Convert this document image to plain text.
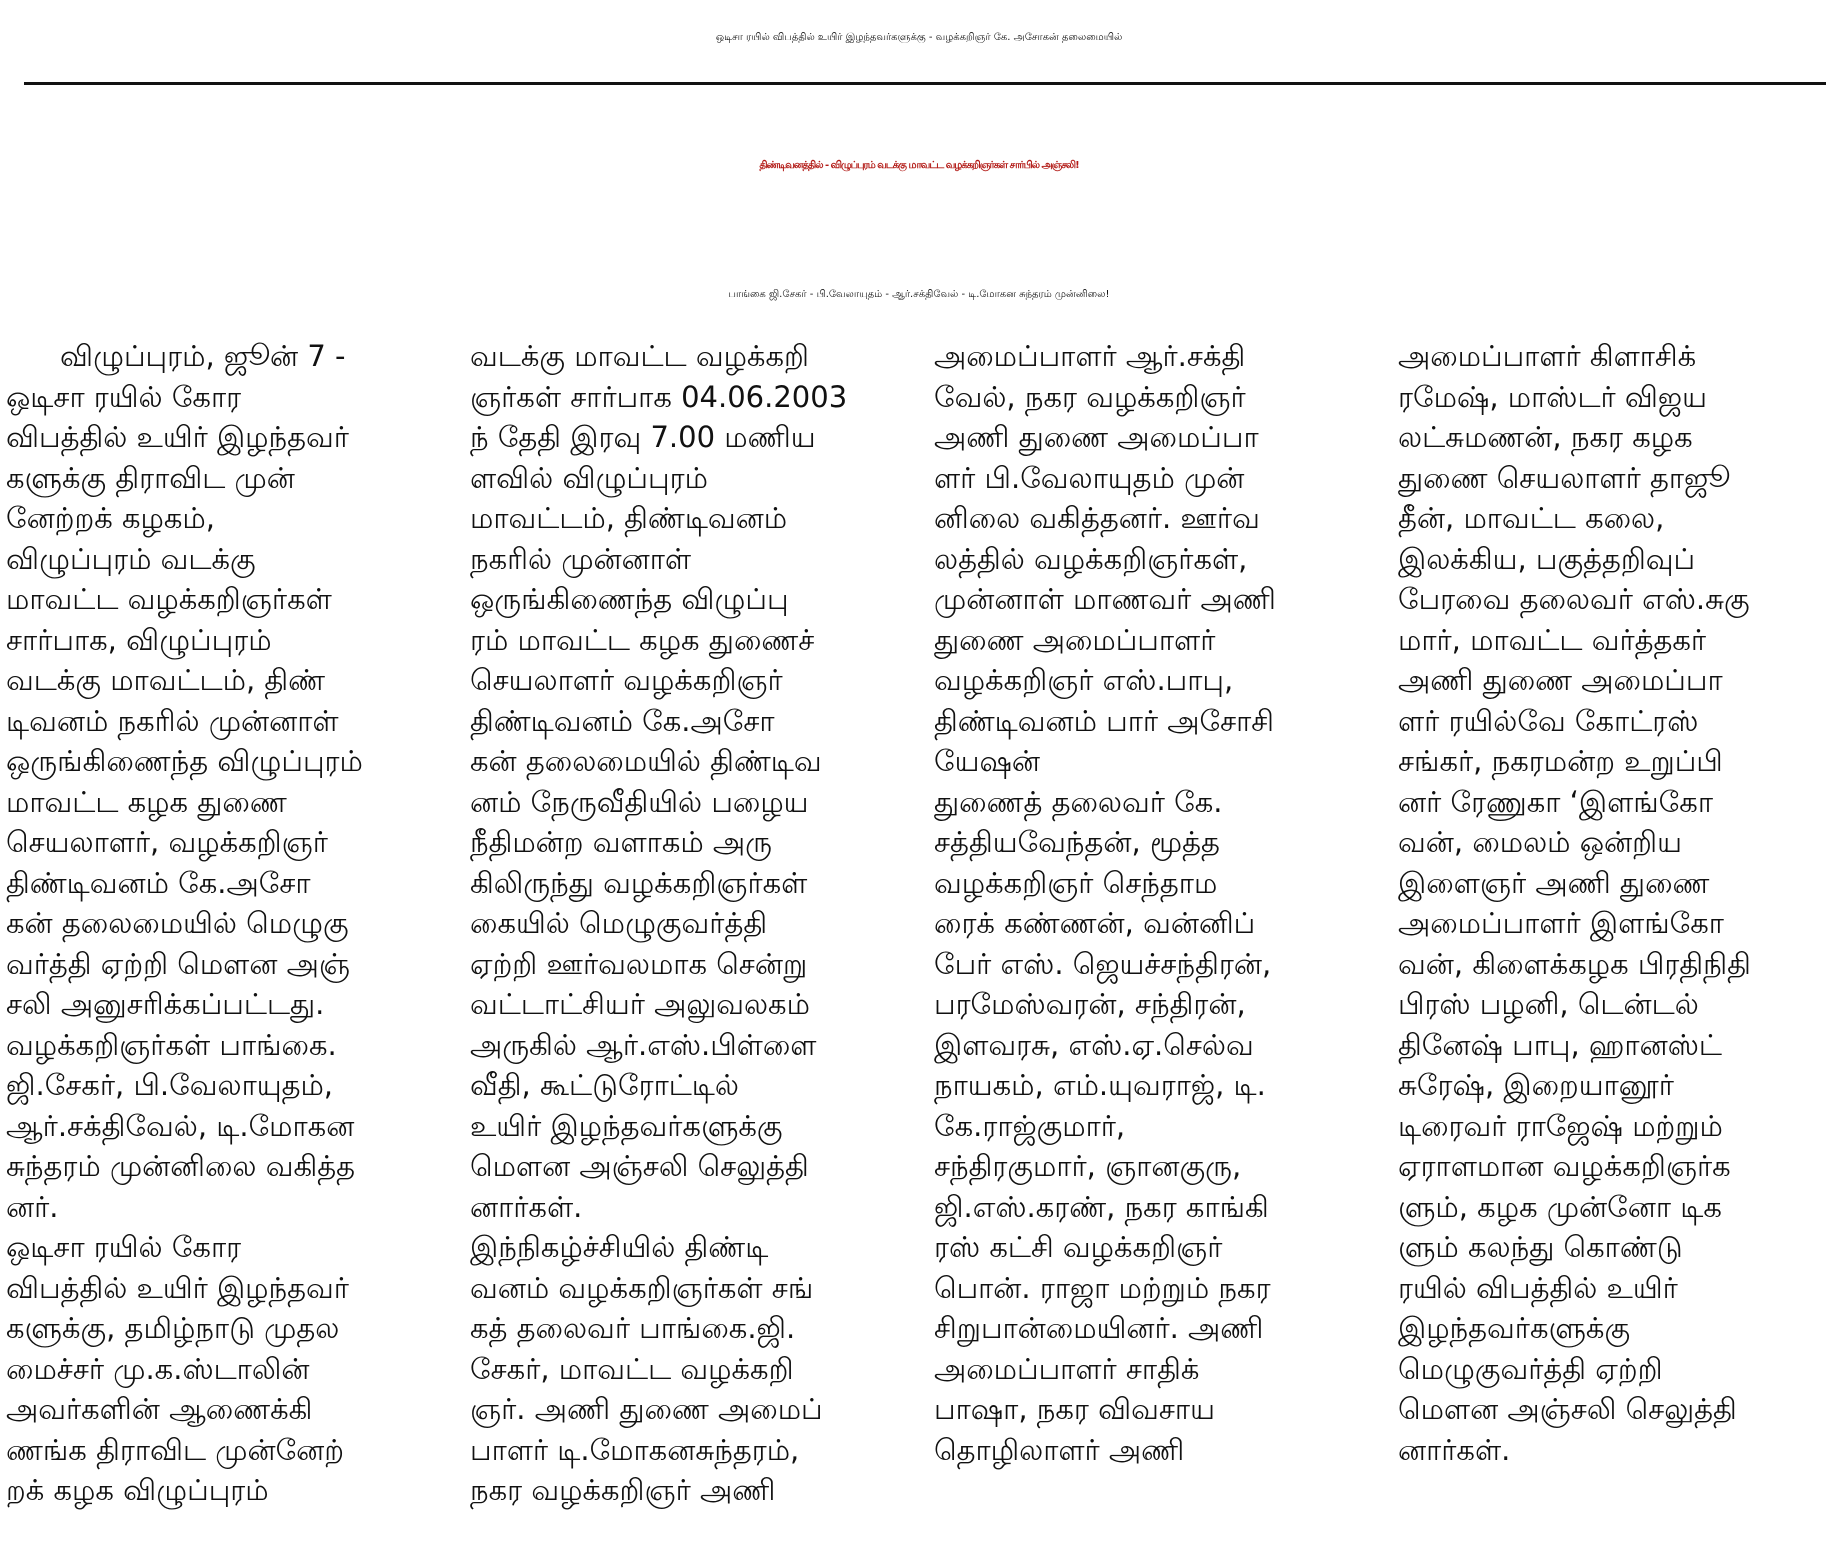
ஒடிசா ரயில் விபத்தில் உயிர் இழந்தவர்களுக்கு - வழக்கறிஞர் கே. அசோகன் தலைமையில்
திண்டிவனத்தில் - விழுப்புரம் வடக்கு மாவட்ட வழக்கறிஞர்கள் சார்பில் அஞ்சலி!
பாங்கை ஜி.சேகர் - பி.வேலாயுதம் - ஆர்.சக்திவேல் - டி.மோகன சுந்தரம் முன்னிலை!
விழுப்புரம், ஜூன் 7 -
ஒடிசா ரயில் கோர
விபத்தில் உயிர் இழந்தவர்
களுக்கு திராவிட முன்
னேற்றக் கழகம்,
விழுப்புரம் வடக்கு
மாவட்ட வழக்கறிஞர்கள்
சார்பாக, விழுப்புரம்
வடக்கு மாவட்டம், திண்
டிவனம் நகரில் முன்னாள்
ஒருங்கிணைந்த விழுப்புரம்
மாவட்ட கழக துணை
செயலாளர், வழக்கறிஞர்
திண்டிவனம் கே.அசோ
கன் தலைமையில் மெழுகு
வர்த்தி ஏற்றி மௌன அஞ்
சலி அனுசரிக்கப்பட்டது.
வழக்கறிஞர்கள் பாங்கை.
ஜி.சேகர், பி.வேலாயுதம்,
ஆர்.சக்திவேல், டி.மோகன
சுந்தரம் முன்னிலை வகித்த
னர்.
ஒடிசா ரயில் கோர
விபத்தில் உயிர் இழந்தவர்
களுக்கு, தமிழ்நாடு முதல
மைச்சர் மு.க.ஸ்டாலின்
அவர்களின் ஆணைக்கி
ணங்க திராவிட முன்னேற்
றக் கழக விழுப்புரம்
வடக்கு மாவட்ட வழக்கறி
ஞர்கள் சார்பாக 04.06.2003
ந் தேதி இரவு 7.00 மணிய
ளவில் விழுப்புரம்
மாவட்டம், திண்டிவனம்
நகரில் முன்னாள்
ஒருங்கிணைந்த விழுப்பு
ரம் மாவட்ட கழக துணைச்
செயலாளர் வழக்கறிஞர்
திண்டிவனம் கே.அசோ
கன் தலைமையில் திண்டிவ
னம் நேருவீதியில் பழைய
நீதிமன்ற வளாகம் அரு
கிலிருந்து வழக்கறிஞர்கள்
கையில் மெழுகுவர்த்தி
ஏற்றி ஊர்வலமாக சென்று
வட்டாட்சியர் அலுவலகம்
அருகில் ஆர்.எஸ்.பிள்ளை
வீதி, கூட்டுரோட்டில்
உயிர் இழந்தவர்களுக்கு
மௌன அஞ்சலி செலுத்தி
னார்கள்.
இந்நிகழ்ச்சியில் திண்டி
வனம் வழக்கறிஞர்கள் சங்
கத் தலைவர் பாங்கை.ஜி.
சேகர், மாவட்ட வழக்கறி
ஞர். அணி துணை அமைப்
பாளர் டி.மோகனசுந்தரம்,
நகர வழக்கறிஞர் அணி
அமைப்பாளர் ஆர்.சக்தி
வேல், நகர வழக்கறிஞர்
அணி துணை அமைப்பா
ளர் பி.வேலாயுதம் முன்
னிலை வகித்தனர். ஊர்வ
லத்தில் வழக்கறிஞர்கள்,
முன்னாள் மாணவர் அணி
துணை அமைப்பாளர்
வழக்கறிஞர் எஸ்.பாபு,
திண்டிவனம் பார் அசோசி
யேஷன்
துணைத் தலைவர் கே.
சத்தியவேந்தன், மூத்த
வழக்கறிஞர் செந்தாம
ரைக் கண்ணன், வன்னிப்
பேர் எஸ். ஜெயச்சந்திரன்,
பரமேஸ்வரன், சந்திரன்,
இளவரசு, எஸ்.ஏ.செல்வ
நாயகம், எம்.யுவராஜ், டி.
கே.ராஜ்குமார்,
சந்திரகுமார், ஞானகுரு,
ஜி.எஸ்.கரண், நகர காங்கி
ரஸ் கட்சி வழக்கறிஞர்
பொன். ராஜா மற்றும் நகர
சிறுபான்மையினர். அணி
அமைப்பாளர் சாதிக்
பாஷா, நகர விவசாய
தொழிலாளர் அணி
அமைப்பாளர் கிளாசிக்
ரமேஷ், மாஸ்டர் விஜய
லட்சுமணன், நகர கழக
துணை செயலாளர் தாஜூ
தீன், மாவட்ட கலை,
இலக்கிய, பகுத்தறிவுப்
பேரவை தலைவர் எஸ்.சுகு
மார், மாவட்ட வர்த்தகர்
அணி துணை அமைப்பா
ளர் ரயில்வே கோட்ரஸ்
சங்கர், நகரமன்ற உறுப்பி
னர் ரேணுகா ‘இளங்கோ
வன், மைலம் ஒன்றிய
இளைஞர் அணி துணை
அமைப்பாளர் இளங்கோ
வன், கிளைக்கழக பிரதிநிதி
பிரஸ் பழனி, டென்டல்
தினேஷ் பாபு, ஹானஸ்ட்
சுரேஷ், இறையானூர்
டிரைவர் ராஜேஷ் மற்றும்
ஏராளமான வழக்கறிஞர்க
ளும், கழக முன்னோ டிக
ளும் கலந்து கொண்டு
ரயில் விபத்தில் உயிர்
இழந்தவர்களுக்கு
மெழுகுவர்த்தி ஏற்றி
மௌன அஞ்சலி செலுத்தி
னார்கள்.
